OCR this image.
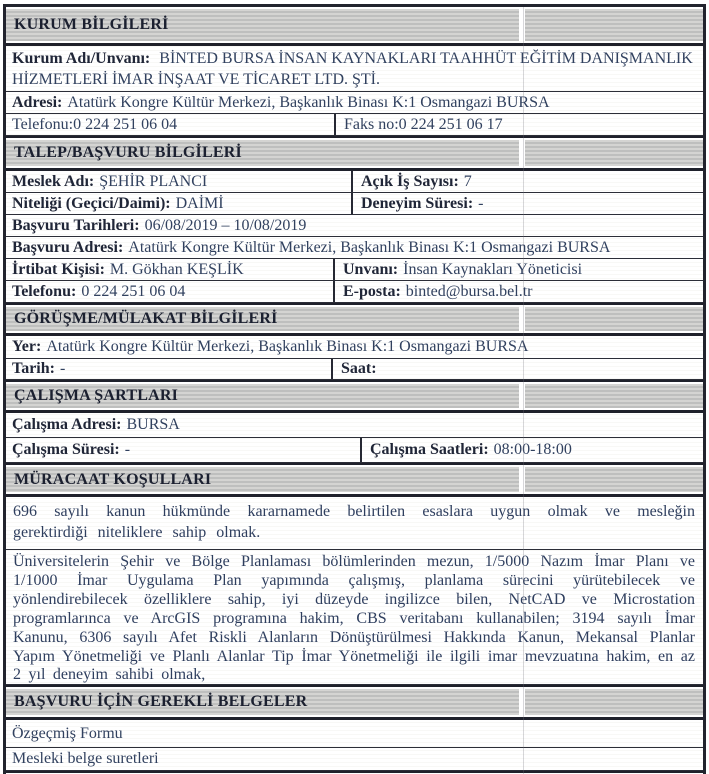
KURUM BİLGİLERİ
Kurum Adı/Unvanı: BİNTED BURSA İNSAN KAYNAKLARI TAAHHÜT EĞİTİM DANIŞMANLIK HİZMETLERİ İMAR İNŞAAT VE TİCARET LTD. ŞTİ.
Adresi: Atatürk Kongre Kültür Merkezi, Başkanlık Binası K:1 Osmangazi BURSA
Telefonu: 0 224 251 06 04	Faks no: 0 224 251 06 17
TALEP/BAŞVURU BİLGİLERİ
Meslek Adı: ŞEHİR PLANCI	Açık İş Sayısı: 7
Niteliği (Geçici/Daimi): DAİMİ	Deneyim Süresi: -
Başvuru Tarihleri: 06/08/2019 – 10/08/2019
Başvuru Adresi: Atatürk Kongre Kültür Merkezi, Başkanlık Binası K:1 Osmangazi BURSA
İrtibat Kişisi: M. Gökhan KEŞLİK	Unvanı: İnsan Kaynakları Yöneticisi
Telefonu: 0 224 251 06 04	E-posta: binted@bursa.bel.tr
GÖRÜŞME/MÜLAKAT BİLGİLERİ
Yer: Atatürk Kongre Kültür Merkezi, Başkanlık Binası K:1 Osmangazi BURSA
Tarih: -	Saat:
ÇALIŞMA ŞARTLARI
Çalışma Adresi: BURSA
Çalışma Süresi: -	Çalışma Saatleri: 08:00-18:00
MÜRACAAT KOŞULLARI
696 sayılı kanun hükmünde kararnamede belirtilen esaslara uygun olmak ve mesleğin gerektirdiği niteliklere sahip olmak.
Üniversitelerin Şehir ve Bölge Planlaması bölümlerinden mezun, 1/5000 Nazım İmar Planı ve 1/1000 İmar Uygulama Plan yapımında çalışmış, planlama sürecini yürütebilecek ve yönlendirebilecek özelliklere sahip, iyi düzeyde ingilizce bilen, NetCAD ve Microstation programlarınca ve ArcGIS programına hakim, CBS veritabanı kullanabilen; 3194 sayılı İmar Kanunu, 6306 sayılı Afet Riskli Alanların Dönüştürülmesi Hakkında Kanun, Mekansal Planlar Yapım Yönetmeliği ve Planlı Alanlar Tip İmar Yönetmeliği ile ilgili imar mevzuatına hakim, en az 2 yıl deneyim sahibi olmak,
BAŞVURU İÇİN GEREKLİ BELGELER
Özgeçmiş Formu
Mesleki belge suretleri
